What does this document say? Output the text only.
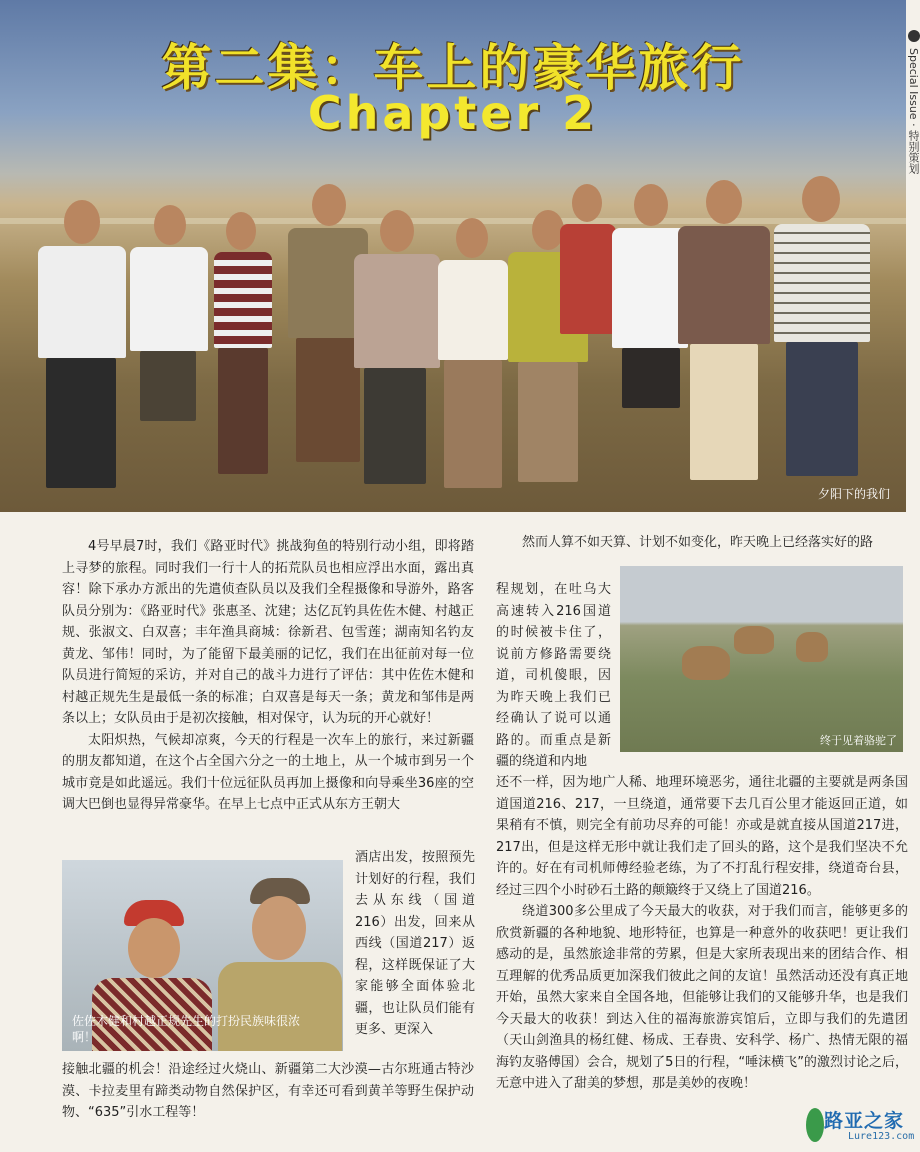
第二集：车上的豪华旅行
Chapter 2
夕阳下的我们
Special Issue · 特别策划

4号早晨7时，我们《路亚时代》挑战狗鱼的特别行动小组，即将踏上寻梦的旅程。同时我们一行十人的拓荒队员也相应浮出水面，露出真容！除下承办方派出的先遣侦查队员以及我们全程摄像和导游外，路客队员分别为：《路亚时代》张惠圣、沈建；达亿瓦钓具佐佐木健、村越正规、张淑文、白双喜；丰年渔具商城：徐新君、包雪莲；湖南知名钓友黄龙、邹伟！同时，为了能留下最美丽的记忆，我们在出征前对每一位队员进行简短的采访，并对自己的战斗力进行了评估：其中佐佐木健和村越正规先生是最低一条的标准；白双喜是每天一条；黄龙和邹伟是两条以上；女队员由于是初次接触，相对保守，认为玩的开心就好！

太阳炽热，气候却凉爽，今天的行程是一次车上的旅行，来过新疆的朋友都知道，在这个占全国六分之一的土地上，从一个城市到另一个城市竟是如此遥远。我们十位远征队员再加上摄像和向导乘坐36座的空调大巴倒也显得异常豪华。在早上七点中正式从东方王朝大

佐佐木健和村越正规先生的打扮民族味很浓啊！
酒店出发，按照预先计划好的行程，我们去从东线（国道216）出发，回来从西线（国道217）返程，这样既保证了大家能够全面体验北疆，也让队员们能有更多、更深入
接触北疆的机会！沿途经过火烧山、新疆第二大沙漠—古尔班通古特沙漠、卡拉麦里有蹄类动物自然保护区，有幸还可看到黄羊等野生保护动物、“635”引水工程等！

然而人算不如天算、计划不如变化，昨天晚上已经落实好的路

终于见着骆驼了
程规划，在吐乌大高速转入216国道的时候被卡住了，说前方修路需要绕道，司机傻眼，因为昨天晚上我们已经确认了说可以通路的。而重点是新疆的绕道和内地

还不一样，因为地广人稀、地理环境恶劣，通往北疆的主要就是两条国道国道216、217，一旦绕道，通常要下去几百公里才能返回正道，如果稍有不慎，则完全有前功尽弃的可能！亦或是就直接从国道217进，217出，但是这样无形中就让我们走了回头的路，这个是我们坚决不允许的。好在有司机师傅经验老练，为了不打乱行程安排，绕道奇台县，经过三四个小时砂石土路的颠簸终于又绕上了国道216。

绕道300多公里成了今天最大的收获，对于我们而言，能够更多的欣赏新疆的各种地貌、地形特征，也算是一种意外的收获吧！更让我们感动的是，虽然旅途非常的劳累，但是大家所表现出来的团结合作、相互理解的优秀品质更加深我们彼此之间的友谊！虽然活动还没有真正地开始，虽然大家来自全国各地，但能够让我们的又能够升华，也是我们今天最大的收获！到达入住的福海旅游宾馆后，立即与我们的先遣团（天山剑渔具的杨红健、杨成、王春贵、安科学、杨广、热情无限的福海钓友骆傅国）会合，规划了5日的行程，“唾沫横飞”的激烈讨论之后，无意中进入了甜美的梦想，那是美妙的夜晚！

路亚之家
Lure123.com
